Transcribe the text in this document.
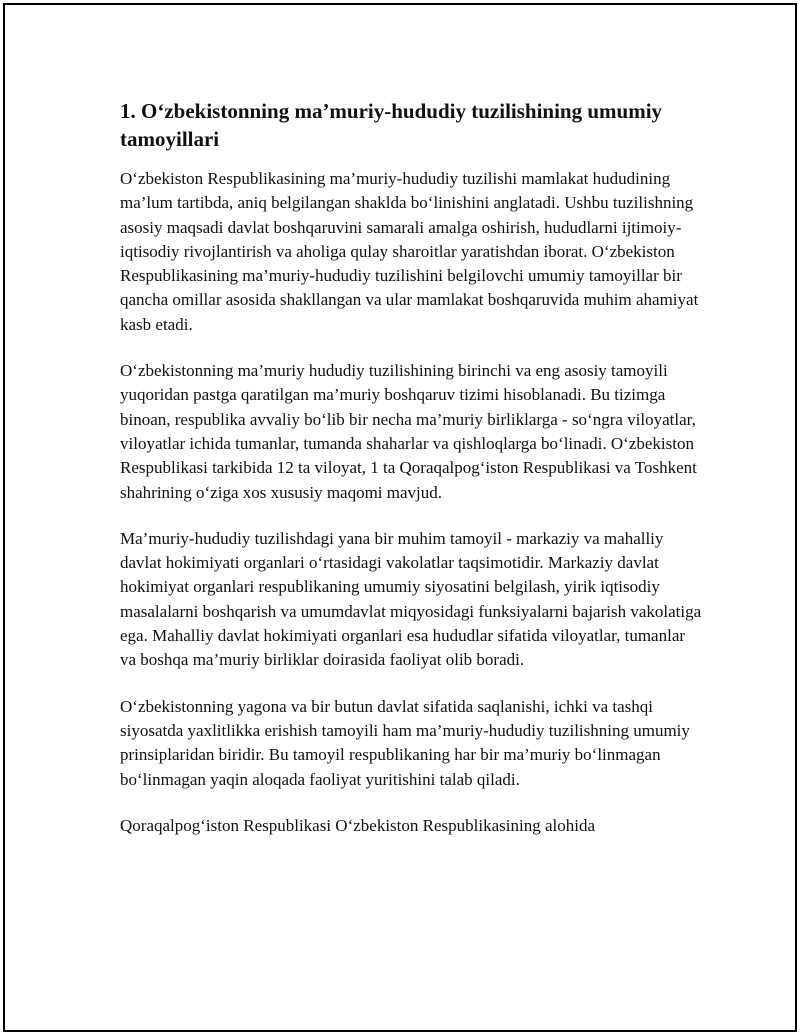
1. O‘zbekistonning ma’muriy-hududiy tuzilishining umumiy tamoyillari

O‘zbekiston Respublikasining ma’muriy-hududiy tuzilishi mamlakat hududining ma’lum tartibda, aniq belgilangan shaklda bo‘linishini anglatadi. Ushbu tuzilishning asosiy maqsadi davlat boshqaruvini samarali amalga oshirish, hududlarni ijtimoiy-iqtisodiy rivojlantirish va aholiga qulay sharoitlar yaratishdan iborat. O‘zbekiston Respublikasining ma’muriy-hududiy tuzilishini belgilovchi umumiy tamoyillar bir qancha omillar asosida shakllangan va ular mamlakat boshqaruvida muhim ahamiyat kasb etadi.

O‘zbekistonning ma’muriy hududiy tuzilishining birinchi va eng asosiy tamoyili yuqoridan pastga qaratilgan ma’muriy boshqaruv tizimi hisoblanadi. Bu tizimga binoan, respublika avvaliy bo‘lib bir necha ma’muriy birliklarga - so‘ngra viloyatlar, viloyatlar ichida tumanlar, tumanda shaharlar va qishloqlarga bo‘linadi. O‘zbekiston Respublikasi tarkibida 12 ta viloyat, 1 ta Qoraqalpog‘iston Respublikasi va Toshkent shahrining o‘ziga xos xususiy maqomi mavjud.

Ma’muriy-hududiy tuzilishdagi yana bir muhim tamoyil - markaziy va mahalliy davlat hokimiyati organlari o‘rtasidagi vakolatlar taqsimotidir. Markaziy davlat hokimiyat organlari respublikaning umumiy siyosatini belgilash, yirik iqtisodiy masalalarni boshqarish va umumdavlat miqyosidagi funksiyalarni bajarish vakolatiga ega. Mahalliy davlat hokimiyati organlari esa hududlar sifatida viloyatlar, tumanlar va boshqa ma’muriy birliklar doirasida faoliyat olib boradi.

O‘zbekistonning yagona va bir butun davlat sifatida saqlanishi, ichki va tashqi siyosatda yaxlitlikka erishish tamoyili ham ma’muriy-hududiy tuzilishning umumiy prinsiplaridan biridir. Bu tamoyil respublikaning har bir ma’muriy bo‘linmagan bo‘linmagan yaqin aloqada faoliyat yuritishini talab qiladi.

Qoraqalpog‘iston Respublikasi O‘zbekiston Respublikasining alohida
